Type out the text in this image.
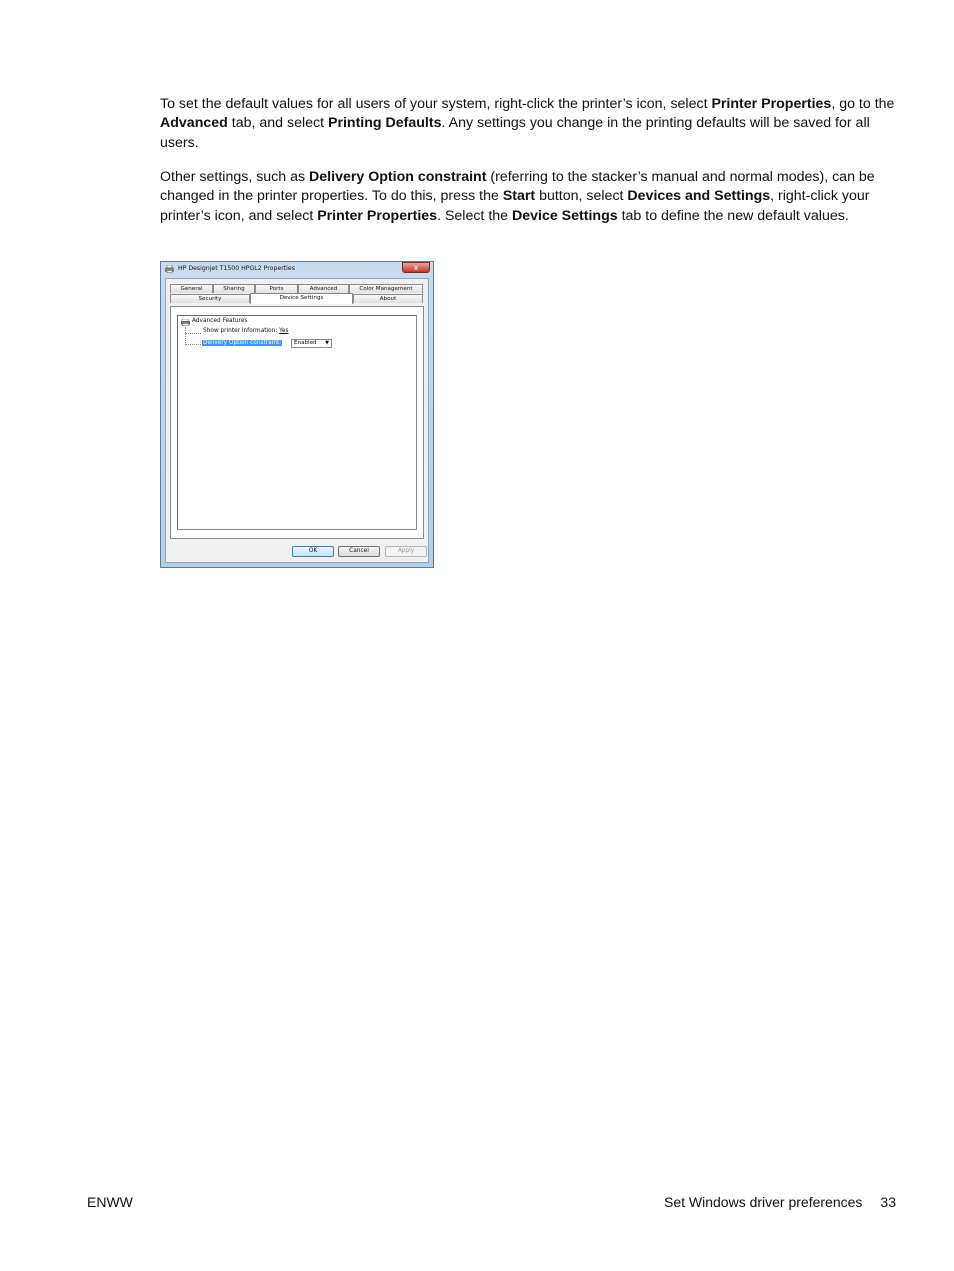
To set the default values for all users of your system, right-click the printer’s icon, select Printer Properties, go to the Advanced tab, and select Printing Defaults. Any settings you change in the printing defaults will be saved for all users.

Other settings, such as Delivery Option constraint (referring to the stacker’s manual and normal modes), can be changed in the printer properties. To do this, press the Start button, select Devices and Settings, right-click your printer’s icon, and select Printer Properties. Select the Device Settings tab to define the new default values.

HP Designjet T1500 HPGL2 Properties	x
General	Sharing	Ports	Advanced	Color Management
Security	Device Settings	About
Advanced Features
Show printer information: Yes
Delivery Option constraint:	Enabled ▼
OK	Cancel	Apply
ENWW	Set Windows driver preferences 33
